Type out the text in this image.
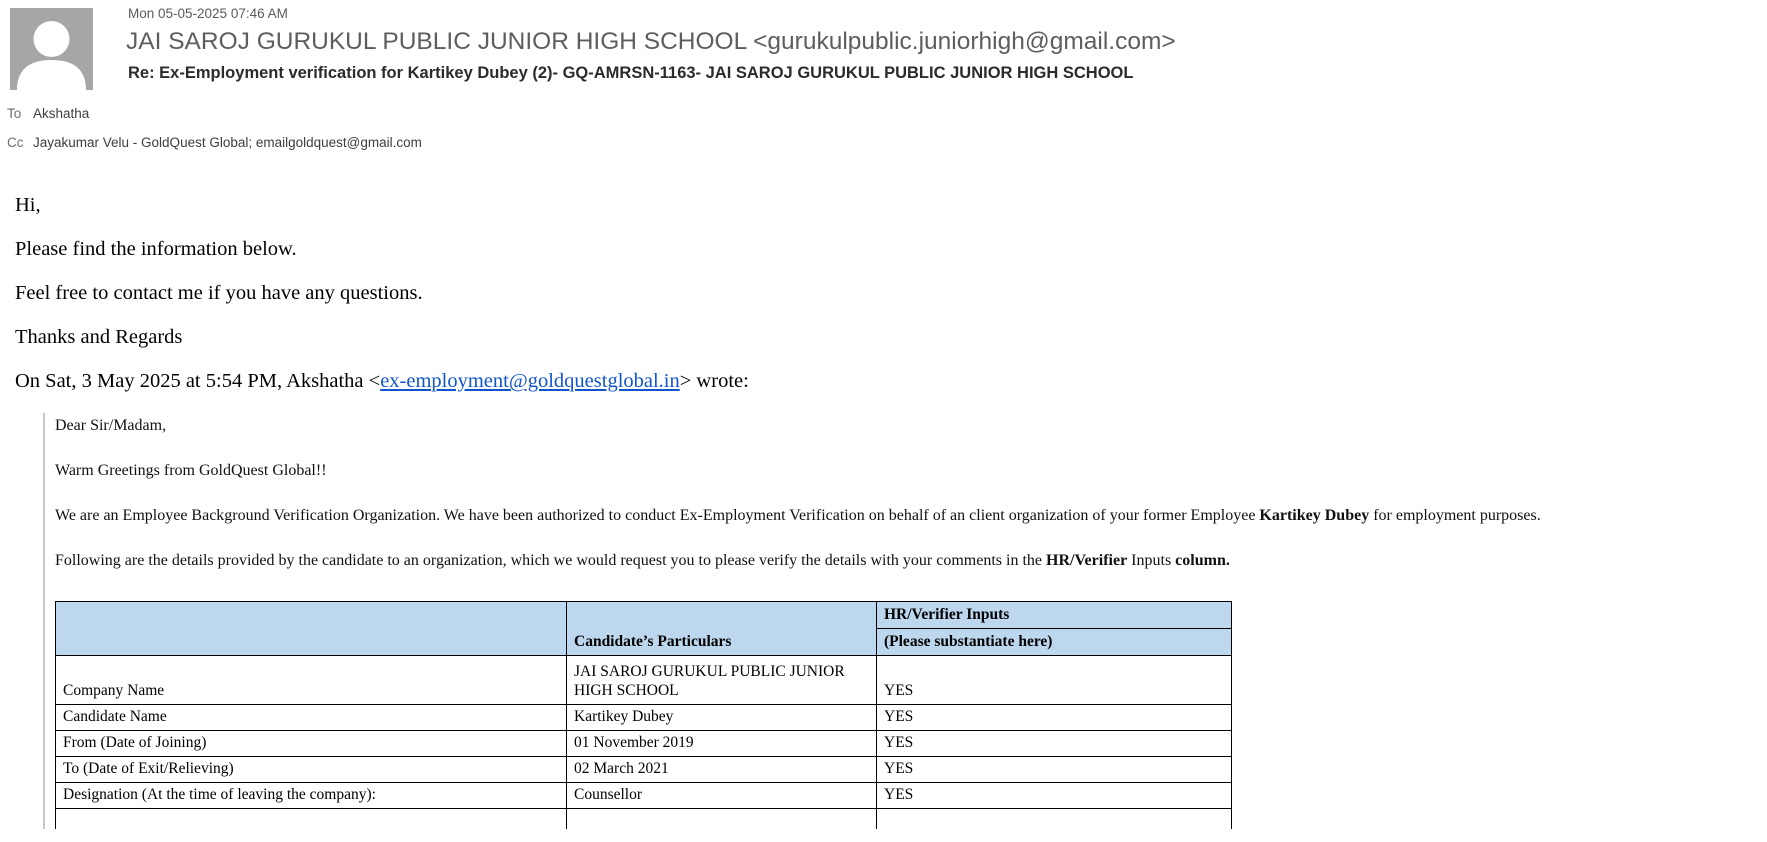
Mon 05-05-2025 07:46 AM
JAI SAROJ GURUKUL PUBLIC JUNIOR HIGH SCHOOL <gurukulpublic.juniorhigh@gmail.com>
Re: Ex-Employment verification for Kartikey Dubey (2)- GQ-AMRSN-1163- JAI SAROJ GURUKUL PUBLIC JUNIOR HIGH SCHOOL
To Akshatha
Cc Jayakumar Velu - GoldQuest Global; emailgoldquest@gmail.com

Hi,

Please find the information below.

Feel free to contact me if you have any questions.

Thanks and Regards

On Sat, 3 May 2025 at 5:54 PM, Akshatha <ex-employment@goldquestglobal.in> wrote:

Dear Sir/Madam,

Warm Greetings from GoldQuest Global!!

We are an Employee Background Verification Organization. We have been authorized to conduct Ex-Employment Verification on behalf of an client organization of your former Employee Kartikey Dubey for employment purposes.

Following are the details provided by the candidate to an organization, which we would request you to please verify the details with your comments in the HR/Verifier Inputs column.

	Candidate’s Particulars	HR/Verifier Inputs
		(Please substantiate here)
Company Name	JAI SAROJ GURUKUL PUBLIC JUNIOR HIGH SCHOOL	YES
Candidate Name	Kartikey Dubey	YES
From (Date of Joining)	01 November 2019	YES
To (Date of Exit/Relieving)	02 March 2021	YES
Designation (At the time of leaving the company):	Counsellor	YES
